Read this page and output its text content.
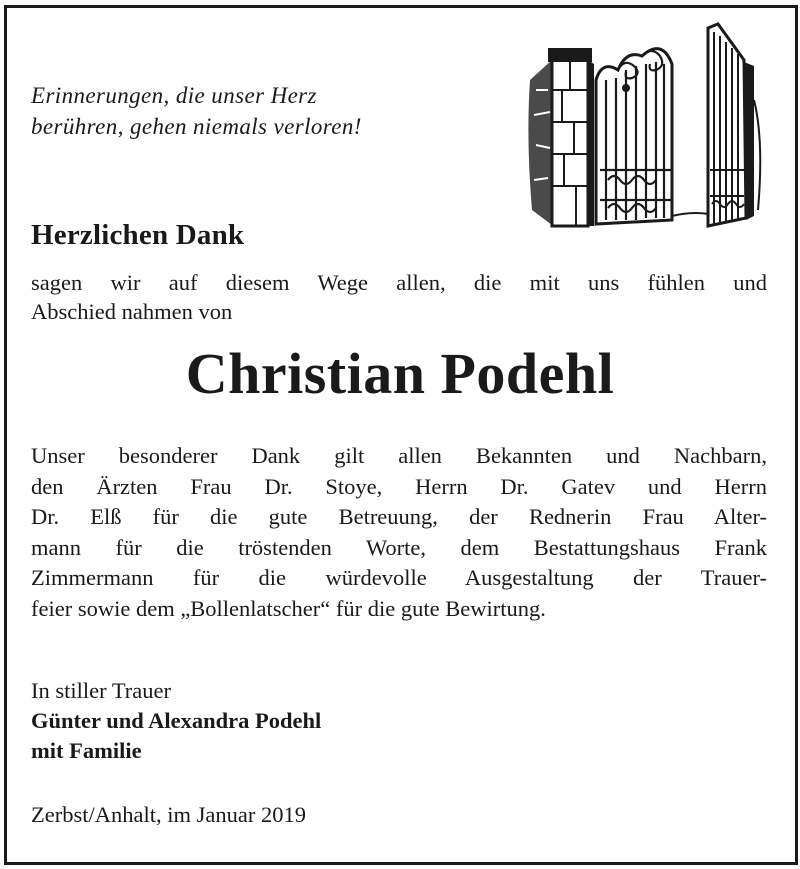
Erinnerungen, die unser Herz
berühren, gehen niemals verloren!
Herzlichen Dank
sagen wir auf diesem Wege allen, die mit uns fühlen und
Abschied nahmen von
Christian Podehl
Unser besonderer Dank gilt allen Bekannten und Nachbarn,
den Ärzten Frau Dr. Stoye, Herrn Dr. Gatev und Herrn
Dr. Elß für die gute Betreuung, der Rednerin Frau Alter-
mann für die tröstenden Worte, dem Bestattungshaus Frank
Zimmermann für die würdevolle Ausgestaltung der Trauer-
feier sowie dem „Bollenlatscher“ für die gute Bewirtung.
In stiller Trauer
Günter und Alexandra Podehl
mit Familie
Zerbst/Anhalt, im Januar 2019
